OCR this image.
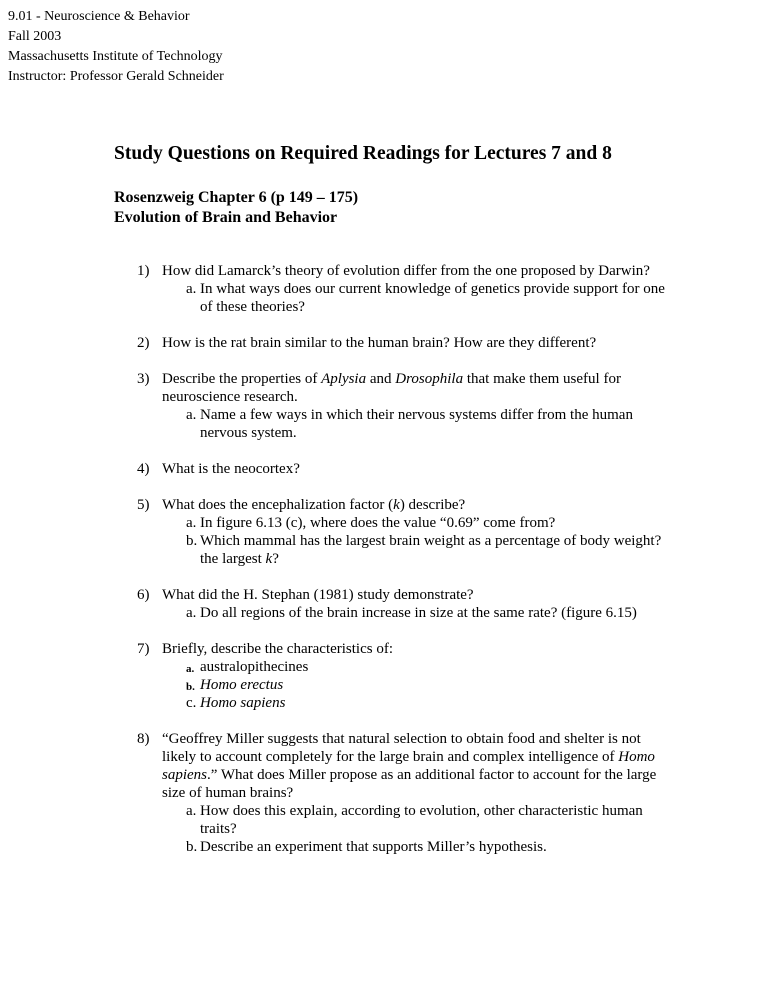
9.01 - Neuroscience & Behavior
Fall 2003
Massachusetts Institute of Technology
Instructor: Professor Gerald Schneider
Study Questions on Required Readings for Lectures 7 and 8
Rosenzweig Chapter 6 (p 149 – 175)
Evolution of Brain and Behavior
1) How did Lamarck’s theory of evolution differ from the one proposed by Darwin?
a. In what ways does our current knowledge of genetics provide support for one of these theories?
2) How is the rat brain similar to the human brain? How are they different?
3) Describe the properties of Aplysia and Drosophila that make them useful for neuroscience research.
a. Name a few ways in which their nervous systems differ from the human nervous system.
4) What is the neocortex?
5) What does the encephalization factor (k) describe?
a. In figure 6.13 (c), where does the value “0.69” come from?
b. Which mammal has the largest brain weight as a percentage of body weight? the largest k?
6) What did the H. Stephan (1981) study demonstrate?
a. Do all regions of the brain increase in size at the same rate? (figure 6.15)
7) Briefly, describe the characteristics of:
a. australopithecines
b. Homo erectus
c. Homo sapiens
8) “Geoffrey Miller suggests that natural selection to obtain food and shelter is not likely to account completely for the large brain and complex intelligence of Homo sapiens.” What does Miller propose as an additional factor to account for the large size of human brains?
a. How does this explain, according to evolution, other characteristic human traits?
b. Describe an experiment that supports Miller’s hypothesis.
